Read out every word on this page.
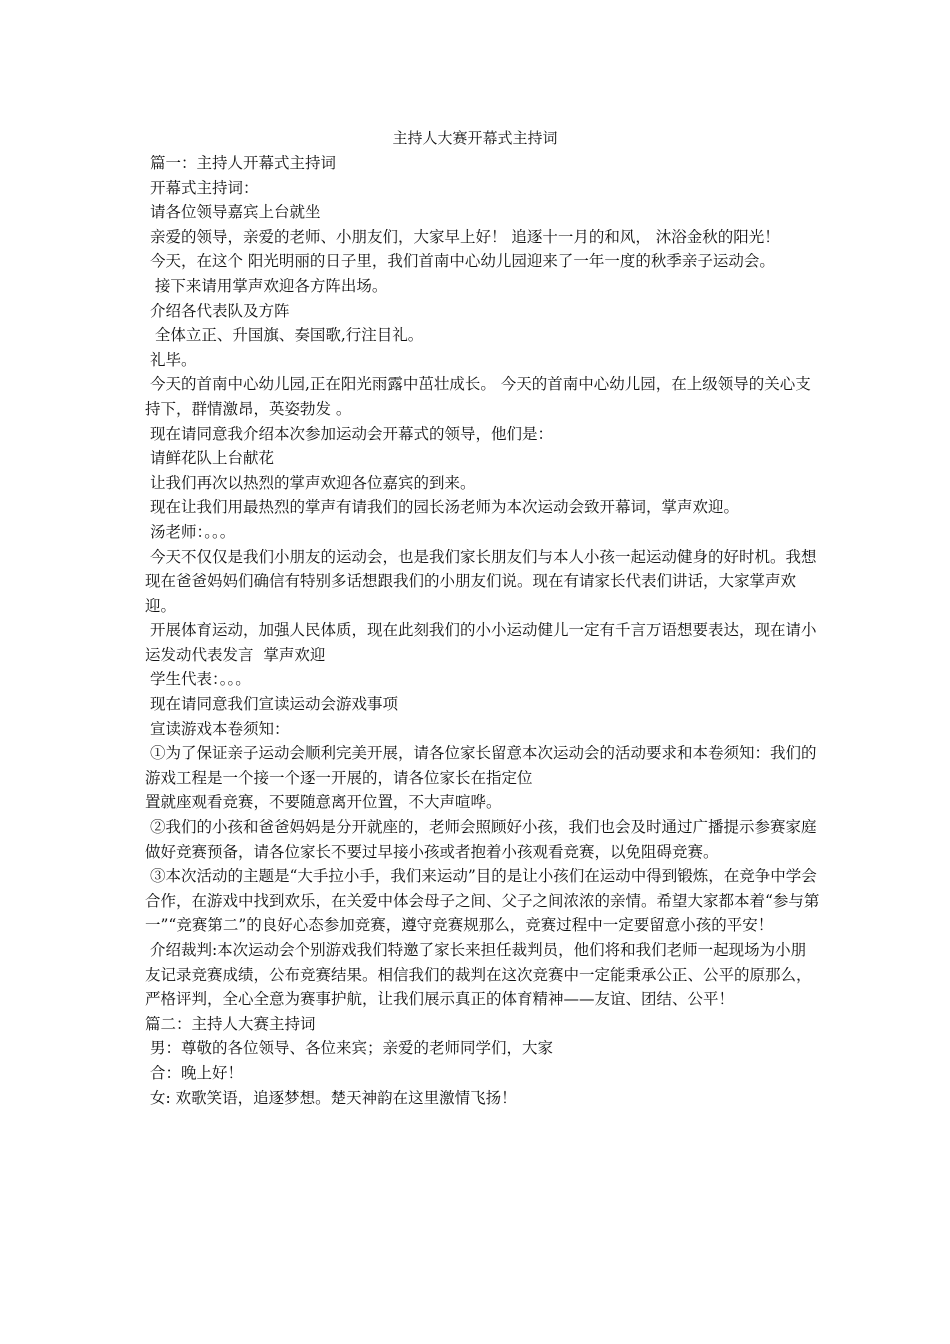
主持人大赛开幕式主持词

篇一：主持人开幕式主持词

开幕式主持词：

请各位领导嘉宾上台就坐

亲爱的领导，亲爱的老师、小朋友们，大家早上好！ 追逐十一月的和风， 沐浴金秋的阳光！

今天，在这个 阳光明丽的日子里，我们首南中心幼儿园迎来了一年一度的秋季亲子运动会。

接下来请用掌声欢迎各方阵出场。

介绍各代表队及方阵

全体立正、升国旗、奏国歌,行注目礼。

礼毕。

今天的首南中心幼儿园,正在阳光雨露中茁壮成长。 今天的首南中心幼儿园，在上级领导的关心支持下，群情激昂，英姿勃发 。

现在请同意我介绍本次参加运动会开幕式的领导，他们是：

请鲜花队上台献花

让我们再次以热烈的掌声欢迎各位嘉宾的到来。

现在让我们用最热烈的掌声有请我们的园长汤老师为本次运动会致开幕词，掌声欢迎。

汤老师：。。。

今天不仅仅是我们小朋友的运动会，也是我们家长朋友们与本人小孩一起运动健身的好时机。我想现在爸爸妈妈们确信有特别多话想跟我们的小朋友们说。现在有请家长代表们讲话，大家掌声欢迎。

开展体育运动，加强人民体质，现在此刻我们的小小运动健儿一定有千言万语想要表达，现在请小运发动代表发言  掌声欢迎

学生代表：。。。

现在请同意我们宣读运动会游戏事项

宣读游戏本卷须知：

①为了保证亲子运动会顺利完美开展，请各位家长留意本次运动会的活动要求和本卷须知：我们的游戏工程是一个接一个逐一开展的，请各位家长在指定位
置就座观看竞赛，不要随意离开位置，不大声喧哗。

②我们的小孩和爸爸妈妈是分开就座的，老师会照顾好小孩，我们也会及时通过广播提示参赛家庭做好竞赛预备，请各位家长不要过早接小孩或者抱着小孩观看竞赛，以免阻碍竞赛。

③本次活动的主题是“大手拉小手，我们来运动”目的是让小孩们在运动中得到锻炼，在竞争中学会合作，在游戏中找到欢乐，在关爱中体会母子之间、父子之间浓浓的亲情。希望大家都本着“参与第一”“竞赛第二”的良好心态参加竞赛，遵守竞赛规那么，竞赛过程中一定要留意小孩的平安！

介绍裁判:本次运动会个别游戏我们特邀了家长来担任裁判员，他们将和我们老师一起现场为小朋友记录竞赛成绩，公布竞赛结果。相信我们的裁判在这次竞赛中一定能秉承公正、公平的原那么，严格评判，全心全意为赛事护航，让我们展示真正的体育精神——友谊、团结、公平！

篇二：主持人大赛主持词

男：尊敬的各位领导、各位来宾；亲爱的老师同学们，大家

合：晚上好！

女: 欢歌笑语，追逐梦想。楚天神韵在这里激情飞扬！
